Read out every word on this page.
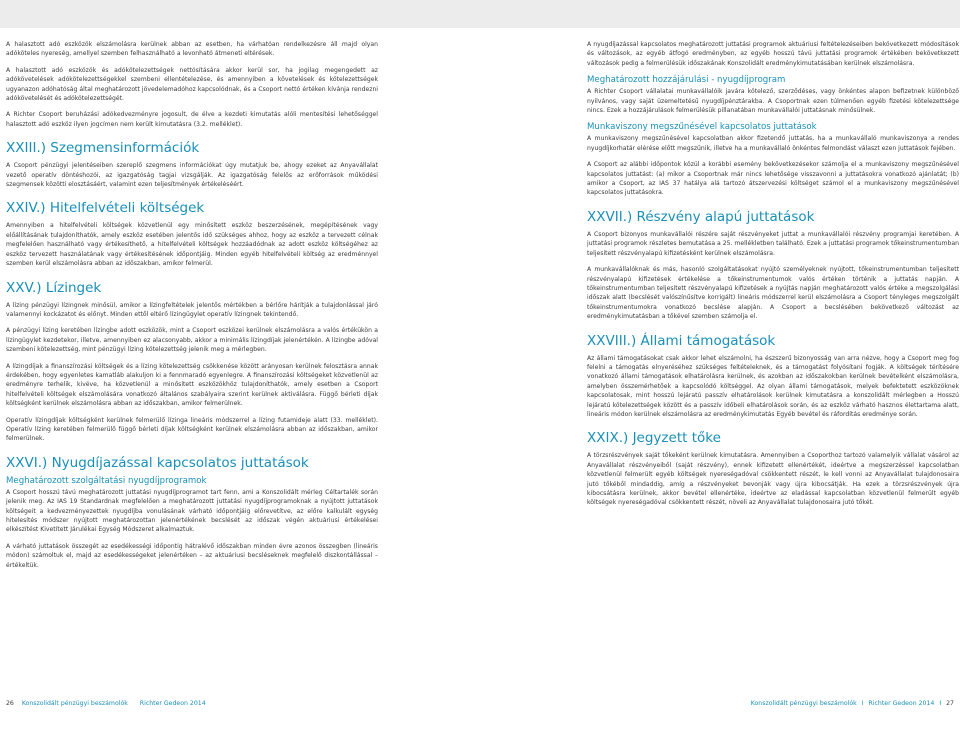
A halasztott adó eszközök elszámolásra kerülnek abban az esetben, ha várhatóan rendelkezésre áll majd olyan adóköteles nyereség, amellyel szemben felhasználható a levonható átmeneti eltérések.

A halasztott adó eszközök és adókötelezettségek nettósítására akkor kerül sor, ha jogilag megengedett az adókövetelések adókötelezettségekkel szembeni ellentételezése, és amennyiben a követelések és kötelezettségek ugyanazon adóhatóság által meghatározott jövedelemadóhoz kapcsolódnak, és a Csoport nettó értéken kívánja rendezni adókövetelését és adókötelezettségét.

A Richter Csoport beruházási adókedvezményre jogosult, de élve a kezdeti kimutatás alóli mentesítési lehetőséggel halasztott adó eszköz ilyen jogcímen nem került kimutatásra (3.2. melléklet).

XXIII.) Szegmensinformációk

A Csoport pénzügyi jelentéseiben szereplő szegmens információkat úgy mutatjuk be, ahogy ezeket az Anyavállalat vezető operatív döntéshozói, az igazgatóság tagjai vizsgálják. Az igazgatóság felelős az erőforrások működési szegmensek közötti elosztásáért, valamint ezen teljesítmények értékeléséért.

XXIV.) Hitelfelvételi költségek

Amennyiben a hitelfelvételi költségek közvetlenül egy minősített eszköz beszerzésének, megépítésének vagy előállításának tulajdoníthatók, amely eszköz esetében jelentős idő szükséges ahhoz, hogy az eszköz a tervezett célnak megfelelően használható vagy értékesíthető, a hitelfelvételi költségek hozzáadódnak az adott eszköz költségéhez az eszköz tervezett használatának vagy értékesítésének időpontjáig. Minden egyéb hitelfelvételi költség az eredménnyel szemben kerül elszámolásra abban az időszakban, amikor felmerül.

XXV.) Lízingek

A lízing pénzügyi lízingnek minősül, amikor a lízingfeltételek jelentős mértékben a bérlőre hárítják a tulajdonlással járó valamennyi kockázatot és előnyt. Minden ettől eltérő lízingügylet operatív lízingnek tekintendő.

A pénzügyi lízing keretében lízingbe adott eszközök, mint a Csoport eszközei kerülnek elszámolásra a valós értékükön a lízingügylet kezdetekor, illetve, amennyiben ez alacsonyabb, akkor a minimális lízingdíjak jelenértékén. A lízingbe adóval szembeni kötelezettség, mint pénzügyi lízing kötelezettség jelenik meg a mérlegben.

A lízingdíjak a finanszírozási költségek és a lízing kötelezettség csökkenése között arányosan kerülnek felosztásra annak érdekében, hogy egyenletes kamatláb alakuljon ki a fennmaradó egyenlegre. A finanszírozási költségeket közvetlenül az eredményre terhelik, kivéve, ha közvetlenül a minősített eszközökhöz tulajdoníthatók, amely esetben a Csoport hitelfelvételi költségek elszámolására vonatkozó általános szabályaira szerint kerülnek aktiválásra. Függő bérleti díjak költségként kerülnek elszámolásra abban az időszakban, amikor felmerülnek.

Operatív lízingdíjak költségként kerülnek felmerülő lízinga lineáris módszerrel a lízing futamideje alatt (33. melléklet). Operatív lízing keretében felmerülő függő bérleti díjak költségként kerülnek elszámolásra abban az időszakban, amikor felmerülnek.

XXVI.) Nyugdíjazással kapcsolatos juttatások
Meghatározott szolgáltatási nyugdíjprogramok

A Csoport hosszú távú meghatározott juttatási nyugdíjprogramot tart fenn, ami a Konszolidált mérleg Céltartalék során jelenik meg. Az IAS 19 Standardnak megfelelően a meghatározott juttatási nyugdíjprogramoknak a nyújtott juttatások költségeit a kedvezményezettek nyugdíjba vonulásának várható időpontjáig előrevetítve, az előre kalkulált egység hitelesítés módszer nyújtott meghatározottan jelenértékének becslését az időszak végén aktuáriusi értékelései elkészítést Kivetített Járulékai Egység Módszeret alkalmaztuk.

A várható juttatások összegét az esedékességi időpontig hátralévő időszakban minden évre azonos összegben (lineáris módon) számoltuk el, majd az esedékességeket jelenértéken – az aktuáriusi becsléseknek megfelelő diszkontállással – értékeltük.

A nyugdíjazással kapcsolatos meghatározott juttatási programok aktuáriusi feltételezéseiben bekövetkezett módosítások és változások, az egyéb átfogó eredményben, az egyéb hosszú távú juttatási programok értékében bekövetkezett változások pedig a felmerülésük időszakának Konszolidált eredménykimutatásában kerülnek elszámolásra.

Meghatározott hozzájárulási - nyugdíjprogram

A Richter Csoport vállalatai munkavállalóik javára kötelező, szerződéses, vagy önkéntes alapon befizetnek különböző nyilvános, vagy saját üzemeltetésű nyugdíjpénztárakba. A Csoportnak ezen túlmenően egyéb fizetési kötelezettsége nincs. Ezek a hozzájárulások felmerülésük pillanatában munkavállalói juttatásnak minősülnek.

Munkaviszony megszűnésével kapcsolatos juttatások

A munkaviszony megszűnésével kapcsolatban akkor fizetendő juttatás, ha a munkavállaló munkaviszonya a rendes nyugdíjkorhatár elérése előtt megszűnik, illetve ha a munkavállaló önkéntes felmondást választ ezen juttatások fejében.

A Csoport az alábbi időpontok közül a korábbi esemény bekövetkezésekor számolja el a munkaviszony megszűnésével kapcsolatos juttatást: (a) mikor a Csoportnak már nincs lehetősége visszavonni a juttatásokra vonatkozó ajánlatát; (b) amikor a Csoport, az IAS 37 hatálya alá tartozó átszervezési költséget számol el a munkaviszony megszűnésével kapcsolatos juttatásokra.

XXVII.) Részvény alapú juttatások

A Csoport bizonyos munkavállalói részére saját részvényeket juttat a munkavállalói részvény programjai keretében. A juttatási programok részletes bemutatása a 25. mellékletben található. Ezek a juttatási programok tőkeinstrumentumban teljesített részvényalapú kifizetésként kerülnek elszámolásra.

A munkavállalóknak és más, hasonló szolgáltatásokat nyújtó személyeknek nyújtott, tőkeinstrumentumban teljesített részvényalapú kifizetések értékelése a tőkeinstrumentumok valós értéken történik a juttatás napján. A tőkeinstrumentumban teljesített részvényalapú kifizetések a nyújtás napján meghatározott valós értéke a megszolgálási időszak alatt (becslését valószínűsítve korrigált) lineáris módszerrel kerül elszámolásra a Csoport tényleges megszolgált tőkeinstrumentumokra vonatkozó becslése alapján. A Csoport a becslésében bekövetkező változást az eredménykimutatásban a tőkével szemben számolja el.

XXVIII.) Állami támogatások

Az állami támogatásokat csak akkor lehet elszámolni, ha észszerű bizonyosság van arra nézve, hogy a Csoport meg fog felelni a támogatás elnyeréséhez szükséges feltételeknek, és a támogatást folyósítani fogják. A költségek térítésére vonatkozó állami támogatások elhatárolásra kerülnek, és azokban az időszakokban kerülnek bevételként elszámolásra, amelyben összemérhetőek a kapcsolódó költséggel. Az olyan állami támogatások, melyek befektetett eszközöknek kapcsolatosak, mint hosszú lejáratú passzív elhatárolások kerülnek kimutatásra a konszolidált mérlegben a Hosszú lejáratú kötelezettségek között és a passzív időbeli elhatárolások során, és az eszköz várható hasznos élettartama alatt, lineáris módon kerülnek elszámolásra az eredménykimutatás Egyéb bevétel és ráfordítás eredménye során.

XXIX.) Jegyzett tőke

A törzsrészvények saját tőkeként kerülnek kimutatásra. Amennyiben a Csoporthoz tartozó valamelyik vállalat vásárol az Anyavállalat részvényeiből (saját részvény), ennek kifizetett ellenértékét, ideértve a megszerzéssel kapcsolatban közvetlenül felmerült egyéb költségek nyereségadóval csökkentett részét, le kell vonni az Anyavállalat tulajdonosaira jutó tőkéből mindaddig, amíg a részvényeket bevonják vagy újra kibocsátják. Ha ezek a törzsrészvények újra kibocsátásra kerülnek, akkor bevétel ellenértéke, ideértve az eladással kapcsolatban közvetlenül felmerült egyéb költségek nyereségadóval csökkentett részét, növeli az Anyavállalat tulajdonosaira jutó tőkét.

26 Konszolidált pénzügyi beszámolók Richter Gedeon 2014	Konszolidált pénzügyi beszámolók I Richter Gedeon 2014 I 27
